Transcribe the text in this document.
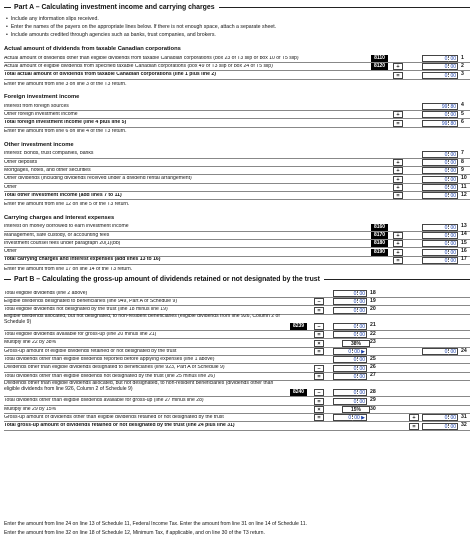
Part A – Calculating investment income and carrying charges
• Include any information slips received.
• Enter the names of the payers on the appropriate lines below. If there is not enough space, attach a separate sheet.
• Include amounts credited through agencies such as banks, trust companies, and brokers.
Actual amount of dividends from taxable Canadian corporations
Actual amount of dividends other than eligible dividends from taxable Canadian corporations (box 23 of T3 slip or box 10 of T5 slip)	8110	0 00 1
Actual amount of eligible dividends from specified taxable Canadian corporations (box 49 of T3 slip or box 24 of T5 slip)	8120	+	0 00 2
Total actual amount of dividends from taxable Canadian corporations (line 1 plus line 2)	=	0 00 3
Enter the amount from line 3 on line 3 of the T3 return.
Foreign investment income
Interest from foreign sources	99 80 4
Other foreign investment income	+	0 00 5
Total foreign investment income (line 4 plus line 5)	=	99 80 6
Enter the amount from line 6 on line 4 of the T3 return.
Other investment income
Interest: Bonds, trust companies, banks	0 00 7
Other deposits	+	0 00 8
Mortgages, notes, and other securities	+	0 00 9
Other dividends (including dividends received under a dividend rental arrangement)	+	0 00 10
Other	+	0 00 11
Total other investment income (add lines 7 to 11)	=	0 00 12
Enter the amount from line 12 on line 5 of the T3 return.
Carrying charges and interest expenses
Interest on money borrowed to earn investment income	8160	0 00 13
Management, safe custody, or accounting fees	8170	+	0 00 14
Investment counsel fees under paragraph 20(1)(bb)	8180	+	0 00 15
Other	8190	+	0 00 16
Total carrying charges and interest expenses (add lines 13 to 16)	=	0 00 17
Enter the amount from line 17 on line 14 of the T3 return.
Part B – Calculating the gross-up amount of dividends retained or not designated by the trust
Total eligible dividends (line 2 above)	0 00 18
Eligible dividends designated to beneficiaries (line 949, Part A of Schedule 9)	–	0 00 19
Total eligible dividends not designated by the trust (line 18 minus line 19)	=	0 00 20
Eligible dividends allocated, but not designated, to non-resident beneficiaries (eligible dividends from line 926, Column 2 of Schedule 9)
8239	–	0 00 21
Total eligible dividends available for gross-up (line 20 minus line 21)	=	0 00 22
Multiply line 22 by 38%	×	38%	23
Gross-up amount of eligible dividends retained or not designated by the trust	=	0 00 ▶	0 00 24
Total dividends other than eligible dividends reported before applying expenses (line 1 above)	0 00 25
Dividends other than eligible dividends designated to beneficiaries (line 923, Part A of Schedule 9)	–	0 00 26
Total dividends other than eligible dividends not designated by the trust (line 25 minus line 26)	=	0 00 27
Dividends other than eligible dividends allocated, but not designated, to non-resident beneficiaries (dividends other than eligible dividends from line 926, Column 2 of Schedule 9)
8240	–	0 00 28
Total dividends other than eligible dividends available for gross-up (line 27 minus line 28)	=	0 00 29
Multiply line 29 by 15%	×	15%	30
Gross-up amount of dividends other than eligible dividends retained or not designated by the trust	=	0 00 ▶	+	0 00 31
Total gross-up amount of dividends retained or not designated by the trust (line 24 plus line 31)	=	0 00 32
Enter the amount from line 24 on line 13 of Schedule 11, Federal Income Tax. Enter the amount from line 31 on line 14 of Schedule 11.
Enter the amount from line 32 on line 18 of Schedule 12, Minimum Tax, if applicable, and on line 30 of the T3 return.
